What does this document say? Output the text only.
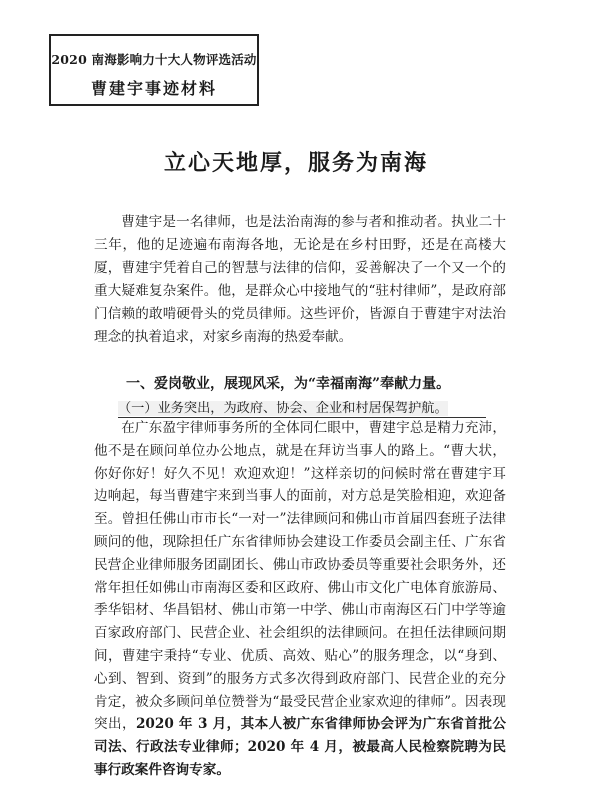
2020 南海影响力十大人物评选活动
曹建宇事迹材料
立心天地厚，服务为南海

曹建宇是一名律师，也是法治南海的参与者和推动者。执业二十三年，他的足迹遍布南海各地，无论是在乡村田野，还是在高楼大厦，曹建宇凭着自己的智慧与法律的信仰，妥善解决了一个又一个的重大疑难复杂案件。他，是群众心中接地气的“驻村律师”，是政府部门信赖的敢啃硬骨头的党员律师。这些评价，皆源自于曹建宇对法治理念的执着追求，对家乡南海的热爱奉献。

一、爱岗敬业，展现风采，为“幸福南海”奉献力量。
（一）业务突出，为政府、协会、企业和村居保驾护航。

在广东盈宇律师事务所的全体同仁眼中，曹建宇总是精力充沛，他不是在顾问单位办公地点，就是在拜访当事人的路上。“曹大状，你好你好！好久不见！欢迎欢迎！”这样亲切的问候时常在曹建宇耳边响起，每当曹建宇来到当事人的面前，对方总是笑脸相迎，欢迎备至。曾担任佛山市市长“一对一”法律顾问和佛山市首届四套班子法律顾问的他，现除担任广东省律师协会建设工作委员会副主任、广东省民营企业律师服务团副团长、佛山市政协委员等重要社会职务外，还常年担任如佛山市南海区委和区政府、佛山市文化广电体育旅游局、季华铝材、华昌铝材、佛山市第一中学、佛山市南海区石门中学等逾百家政府部门、民营企业、社会组织的法律顾问。在担任法律顾问期间，曹建宇秉持“专业、优质、高效、贴心”的服务理念，以“身到、心到、智到、资到”的服务方式多次得到政府部门、民营企业的充分肯定，被众多顾问单位赞誉为“最受民营企业家欢迎的律师”。因表现突出，2020 年 3 月，其本人被广东省律师协会评为广东省首批公司法、行政法专业律师；2020 年 4 月，被最高人民检察院聘为民事行政案件咨询专家。
